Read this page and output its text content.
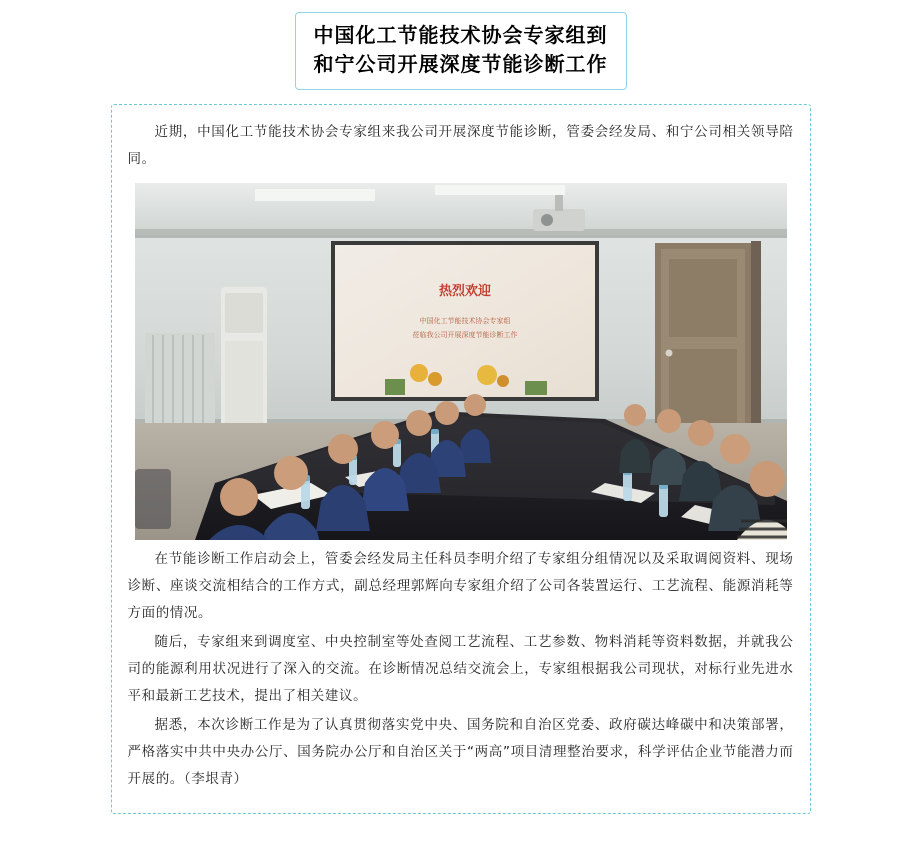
中国化工节能技术协会专家组到
和宁公司开展深度节能诊断工作

近期，中国化工节能技术协会专家组来我公司开展深度节能诊断，管委会经发局、和宁公司相关领导陪同。

热烈欢迎
中国化工节能技术协会专家组
莅临我公司开展深度节能诊断工作

在节能诊断工作启动会上，管委会经发局主任科员李明介绍了专家组分组情况以及采取调阅资料、现场诊断、座谈交流相结合的工作方式，副总经理郭辉向专家组介绍了公司各装置运行、工艺流程、能源消耗等方面的情况。

随后，专家组来到调度室、中央控制室等处查阅工艺流程、工艺参数、物料消耗等资料数据，并就我公司的能源利用状况进行了深入的交流。在诊断情况总结交流会上，专家组根据我公司现状，对标行业先进水平和最新工艺技术，提出了相关建议。

据悉，本次诊断工作是为了认真贯彻落实党中央、国务院和自治区党委、政府碳达峰碳中和决策部署，严格落实中共中央办公厅、国务院办公厅和自治区关于“两高”项目清理整治要求，科学评估企业节能潜力而开展的。（李垠青）
